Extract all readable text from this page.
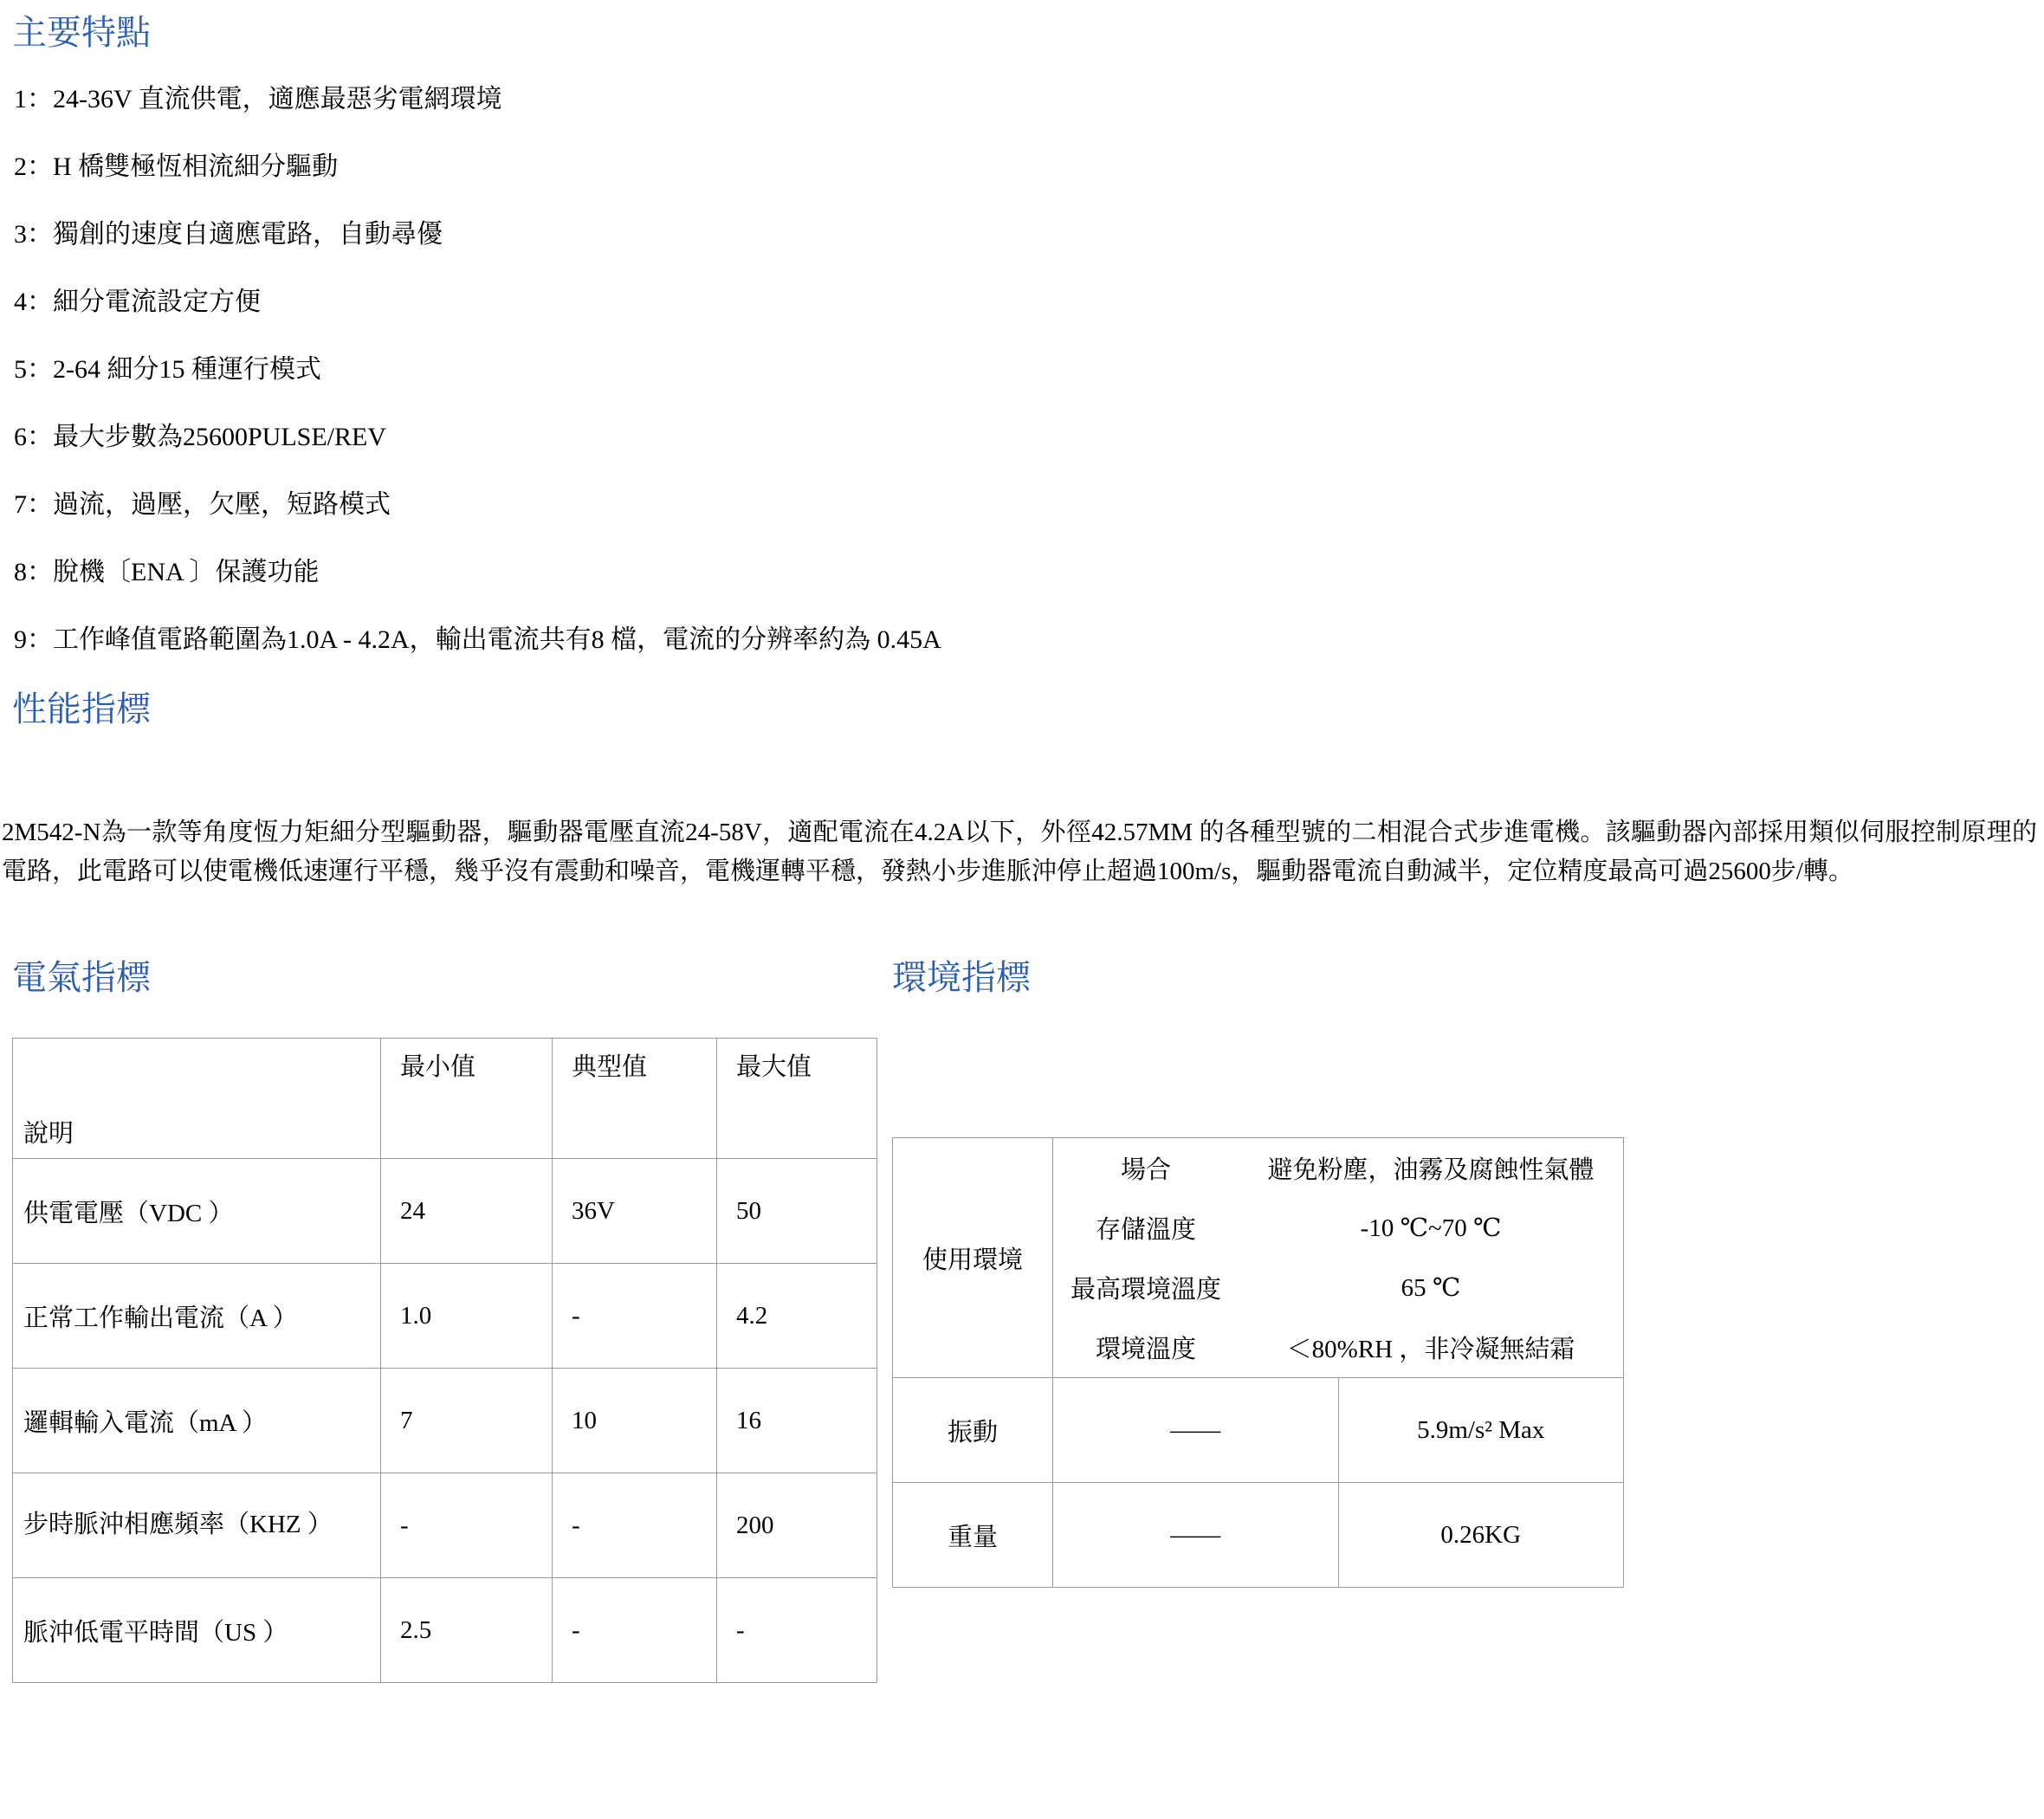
主要特點
1：24-36V 直流供電，適應最惡劣電網環境
2：H 橋雙極恆相流細分驅動
3：獨創的速度自適應電路，自動尋優
4：細分電流設定方便
5：2-64 細分15 種運行模式
6：最大步數為25600PULSE/REV
7：過流，過壓，欠壓，短路模式
8：脫機〔ENA 〕保護功能
9：工作峰值電路範圍為1.0A - 4.2A，輸出電流共有8 檔，電流的分辨率約為 0.45A
性能指標

2M542-N為一款等角度恆力矩細分型驅動器，驅動器電壓直流24-58V，適配電流在4.2A以下，外徑42.57MM 的各種型號的二相混合式步進電機。該驅動器內部採用類似伺服控制原理的電路，此電路可以使電機低速運行平穩，幾乎沒有震動和噪音，電機運轉平穩，發熱小步進脈沖停止超過100m/s，驅動器電流自動減半，定位精度最高可過25600步/轉。

電氣指標	環境指標
說明	最小值	典型值	最大值
供電電壓（VDC ）	24	36V	50
正常工作輸出電流（A ）	1.0	-	4.2
邏輯輸入電流（mA ）	7	10	16
步時脈沖相應頻率（KHZ ）	-	-	200
脈沖低電平時間（US ）	2.5	-	-
使用環境	
場合	避免粉塵，油霧及腐蝕性氣體
存儲溫度	-10 ℃~70 ℃
最高環境溫度	65 ℃
環境溫度	＜80%RH ，非冷凝無結霜

振動	——	5.9m/s² Max
重量	——	0.26KG
